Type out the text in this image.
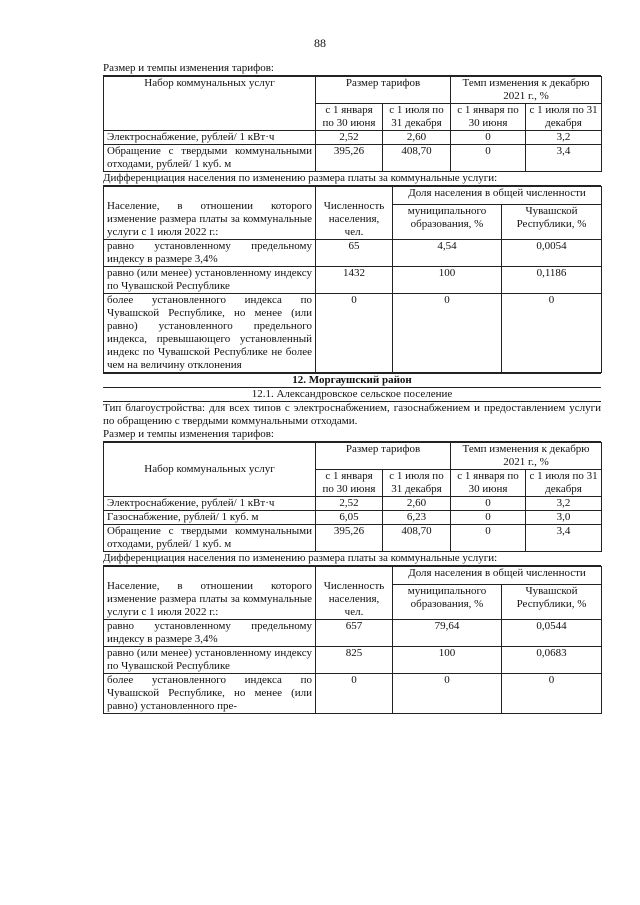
88
Размер и темпы изменения тарифов:
Набор коммунальных услуг	Размер тарифов		Темп изменения к декабрю 2021 г., %	
	с 1 января по 30 июня	с 1 июля по 31 декабря	с 1 января по 30 июня	с 1 июля по 31 декабря
Электроснабжение, рублей/ 1 кВт·ч	2,52	2,60	0	3,2
Обращение с твердыми коммунальными отходами, рублей/ 1 куб. м	395,26	408,70	0	3,4
Дифференциация населения по изменению размера платы за коммунальные услуги:
Население, в отношении которого изменение размера платы за коммунальные услуги с 1 июля 2022 г.:	Численность населения, чел.	Доля населения в общей численности	
		муниципального образования, %	Чувашской Республики, %
равно установленному предельному индексу в размере 3,4%	65	4,54	0,0054
равно (или менее) установленному индексу по Чувашской Республике	1432	100	0,1186
более установленного индекса по Чувашской Республике, но менее (или равно) установленного предельного индекса, превышающего установленный индекс по Чувашской Республике не более чем на величину отклонения	0	0	0
12. Моргаушский район
12.1. Александровское сельское поселение
Тип благоустройства: для всех типов с электроснабжением, газоснабжением и предоставлением услуги по обращению с твердыми коммунальными отходами.
Размер и темпы изменения тарифов:
Набор коммунальных услуг	Размер тарифов		Темп изменения к декабрю 2021 г., %	
	с 1 января по 30 июня	с 1 июля по 31 декабря	с 1 января по 30 июня	с 1 июля по 31 декабря
Электроснабжение, рублей/ 1 кВт·ч	2,52	2,60	0	3,2
Газоснабжение, рублей/ 1 куб. м	6,05	6,23	0	3,0
Обращение с твердыми коммунальными отходами, рублей/ 1 куб. м	395,26	408,70	0	3,4
Дифференциация населения по изменению размера платы за коммунальные услуги:
Население, в отношении которого изменение размера платы за коммунальные услуги с 1 июля 2022 г.:	Численность населения, чел.	Доля населения в общей численности	
		муниципального образования, %	Чувашской Республики, %
равно установленному предельному индексу в размере 3,4%	657	79,64	0,0544
равно (или менее) установленному индексу по Чувашской Республике	825	100	0,0683
более установленного индекса по Чувашской Республике, но менее (или равно) установленного пре-	0	0	0
